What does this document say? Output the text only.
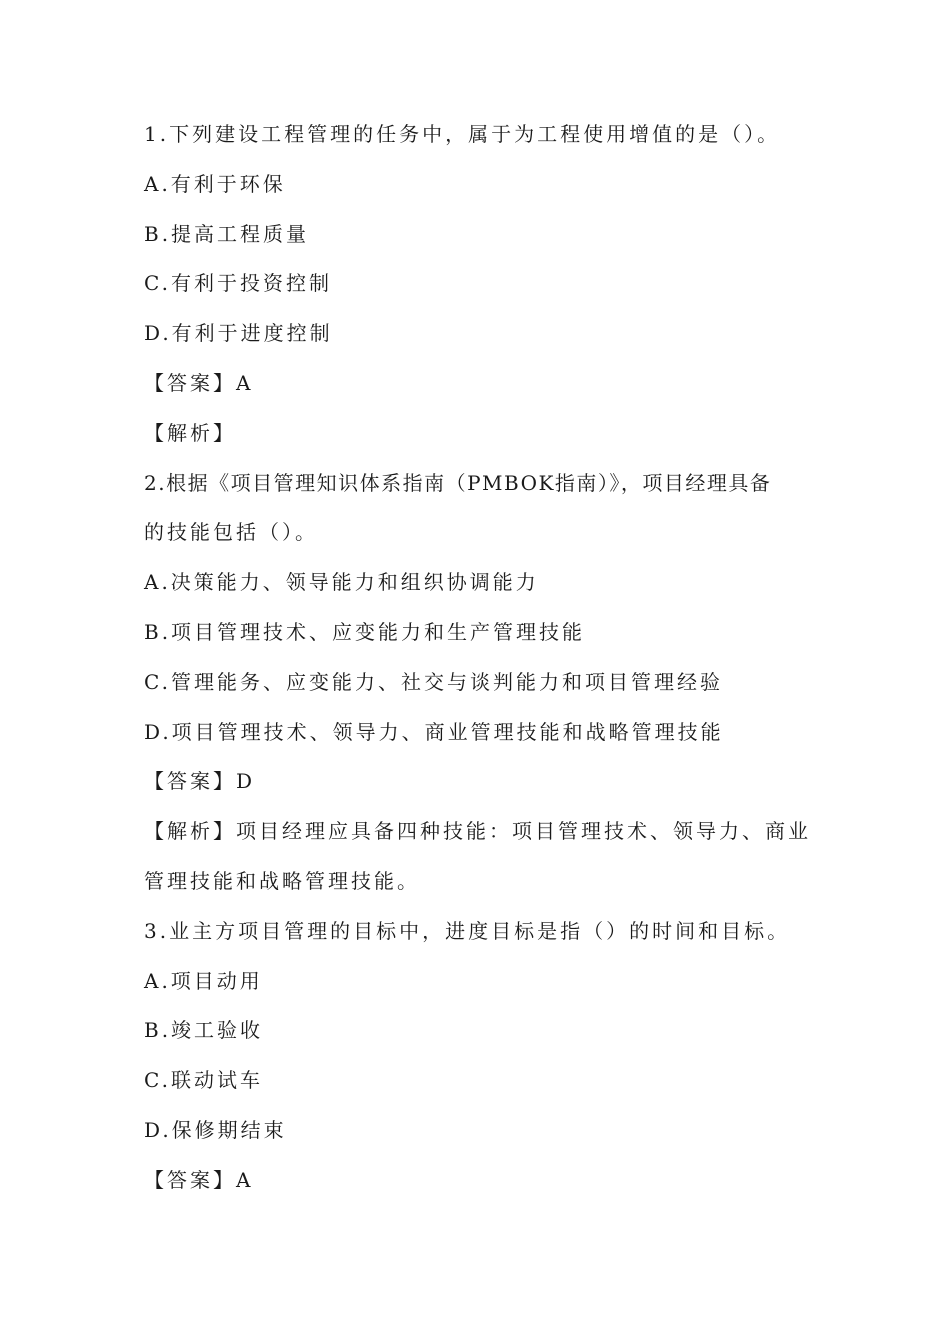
1.下列建设工程管理的任务中，属于为工程使用增值的是（）。
A.有利于环保
B.提高工程质量
C.有利于投资控制
D.有利于进度控制
【答案】A
【解析】
2.根据《项目管理知识体系指南（PMBOK指南）》，项目经理具备
的技能包括（）。
A.决策能力、领导能力和组织协调能力
B.项目管理技术、应变能力和生产管理技能
C.管理能务、应变能力、社交与谈判能力和项目管理经验
D.项目管理技术、领导力、商业管理技能和战略管理技能
【答案】D
【解析】项目经理应具备四种技能：项目管理技术、领导力、商业
管理技能和战略管理技能。
3.业主方项目管理的目标中，进度目标是指（）的时间和目标。
A.项目动用
B.竣工验收
C.联动试车
D.保修期结束
【答案】A
